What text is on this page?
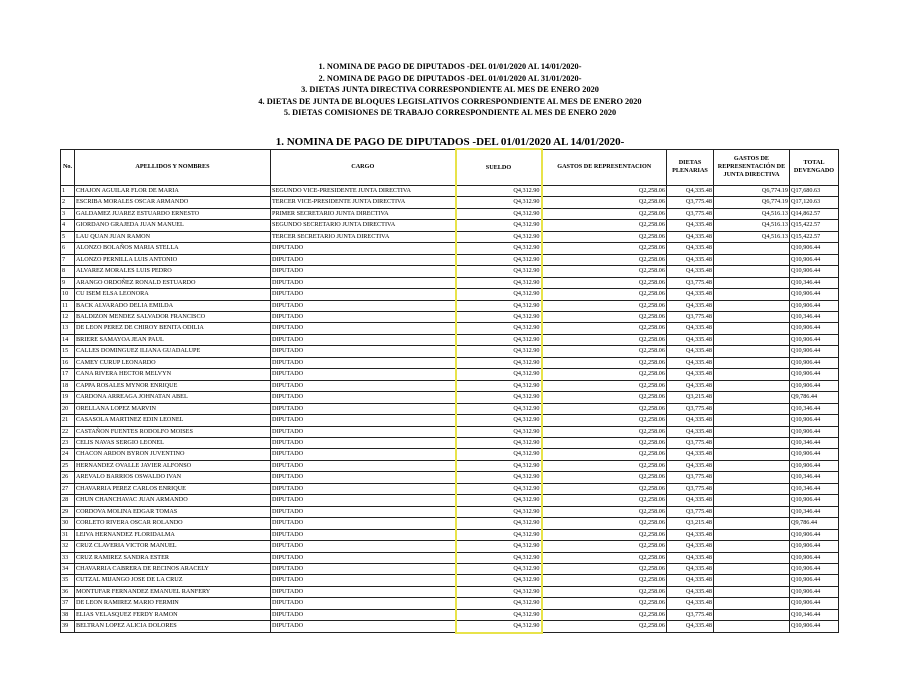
1. NOMINA DE PAGO DE DIPUTADOS -DEL 01/01/2020 AL 14/01/2020-
2. NOMINA DE PAGO DE DIPUTADOS -DEL 01/01/2020 AL 31/01/2020-
3. DIETAS JUNTA DIRECTIVA CORRESPONDIENTE AL MES DE ENERO 2020
4. DIETAS DE JUNTA DE BLOQUES LEGISLATIVOS CORRESPONDIENTE AL MES DE ENERO 2020
5. DIETAS COMISIONES DE TRABAJO CORRESPONDIENTE AL MES DE ENERO 2020
1. NOMINA DE PAGO DE DIPUTADOS -DEL 01/01/2020 AL 14/01/2020-
No.	APELLIDOS Y NOMBRES	CARGO	SUELDO	GASTOS DE REPRESENTACION	DIETAS PLENARIAS	GASTOS DE REPRESENTACIÓN DE JUNTA DIRECTIVA	TOTAL DEVENGADO
1	CHAJON AGUILAR FLOR DE MARIA	SEGUNDO VICE-PRESIDENTE JUNTA DIRECTIVA	Q4,312.90	Q2,258.06	Q4,335.48	Q6,774.19	Q17,680.63
2	ESCRIBA MORALES OSCAR ARMANDO	TERCER VICE-PRESIDENTE JUNTA DIRECTIVA	Q4,312.90	Q2,258.06	Q3,775.48	Q6,774.19	Q17,120.63
3	GALDAMEZ JUAREZ ESTUARDO ERNESTO	PRIMER SECRETARIO JUNTA DIRECTIVA	Q4,312.90	Q2,258.06	Q3,775.48	Q4,516.13	Q14,862.57
4	GIORDANO GRAJEDA JUAN MANUEL	SEGUNDO SECRETARIO JUNTA DIRECTIVA	Q4,312.90	Q2,258.06	Q4,335.48	Q4,516.13	Q15,422.57
5	LAU QUAN JUAN RAMON	TERCER SECRETARIO JUNTA DIRECTIVA	Q4,312.90	Q2,258.06	Q4,335.48	Q4,516.13	Q15,422.57
6	ALONZO BOLAÑOS MARIA STELLA	DIPUTADO	Q4,312.90	Q2,258.06	Q4,335.48		Q10,906.44
7	ALONZO PERNILLA LUIS ANTONIO	DIPUTADO	Q4,312.90	Q2,258.06	Q4,335.48		Q10,906.44
8	ALVAREZ MORALES LUIS PEDRO	DIPUTADO	Q4,312.90	Q2,258.06	Q4,335.48		Q10,906.44
9	ARANGO ORDOÑEZ RONALD ESTUARDO	DIPUTADO	Q4,312.90	Q2,258.06	Q3,775.48		Q10,346.44
10	CU ISEM ELSA LEONORA	DIPUTADO	Q4,312.90	Q2,258.06	Q4,335.48		Q10,906.44
11	BACK ALVARADO DELIA EMILDA	DIPUTADO	Q4,312.90	Q2,258.06	Q4,335.48		Q10,906.44
12	BALDIZON MENDEZ SALVADOR FRANCISCO	DIPUTADO	Q4,312.90	Q2,258.06	Q3,775.48		Q10,346.44
13	DE LEON PEREZ DE CHIROY BENITA ODILIA	DIPUTADO	Q4,312.90	Q2,258.06	Q4,335.48		Q10,906.44
14	BRIERE SAMAYOA JEAN PAUL	DIPUTADO	Q4,312.90	Q2,258.06	Q4,335.48		Q10,906.44
15	CALLES DOMINGUEZ ILIANA GUADALUPE	DIPUTADO	Q4,312.90	Q2,258.06	Q4,335.48		Q10,906.44
16	CAMEY CURUP LEONARDO	DIPUTADO	Q4,312.90	Q2,258.06	Q4,335.48		Q10,906.44
17	CANA RIVERA HECTOR MELVYN	DIPUTADO	Q4,312.90	Q2,258.06	Q4,335.48		Q10,906.44
18	CAPPA ROSALES MYNOR ENRIQUE	DIPUTADO	Q4,312.90	Q2,258.06	Q4,335.48		Q10,906.44
19	CARDONA ARREAGA JOHNATAN ABEL	DIPUTADO	Q4,312.90	Q2,258.06	Q3,215.48		Q9,786.44
20	ORELLANA LOPEZ MARVIN	DIPUTADO	Q4,312.90	Q2,258.06	Q3,775.48		Q10,346.44
21	CASASOLA MARTINEZ EDIN LEONEL	DIPUTADO	Q4,312.90	Q2,258.06	Q4,335.48		Q10,906.44
22	CASTAÑON FUENTES RODOLFO MOISES	DIPUTADO	Q4,312.90	Q2,258.06	Q4,335.48		Q10,906.44
23	CELIS NAVAS SERGIO LEONEL	DIPUTADO	Q4,312.90	Q2,258.06	Q3,775.48		Q10,346.44
24	CHACON ARDON BYRON JUVENTINO	DIPUTADO	Q4,312.90	Q2,258.06	Q4,335.48		Q10,906.44
25	HERNANDEZ OVALLE JAVIER ALFONSO	DIPUTADO	Q4,312.90	Q2,258.06	Q4,335.48		Q10,906.44
26	AREVALO BARRIOS OSWALDO IVAN	DIPUTADO	Q4,312.90	Q2,258.06	Q3,775.48		Q10,346.44
27	CHAVARRIA PEREZ CARLOS ENRIQUE	DIPUTADO	Q4,312.90	Q2,258.06	Q3,775.48		Q10,346.44
28	CHUN CHANCHAVAC JUAN ARMANDO	DIPUTADO	Q4,312.90	Q2,258.06	Q4,335.48		Q10,906.44
29	CORDOVA MOLINA EDGAR TOMAS	DIPUTADO	Q4,312.90	Q2,258.06	Q3,775.48		Q10,346.44
30	CORLETO RIVERA OSCAR ROLANDO	DIPUTADO	Q4,312.90	Q2,258.06	Q3,215.48		Q9,786.44
31	LEIVA HERNANDEZ FLORIDALMA	DIPUTADO	Q4,312.90	Q2,258.06	Q4,335.48		Q10,906.44
32	CRUZ CLAVERIA VICTOR MANUEL	DIPUTADO	Q4,312.90	Q2,258.06	Q4,335.48		Q10,906.44
33	CRUZ RAMIREZ SANDRA ESTER	DIPUTADO	Q4,312.90	Q2,258.06	Q4,335.48		Q10,906.44
34	CHAVARRIA CABRERA DE RECINOS ARACELY	DIPUTADO	Q4,312.90	Q2,258.06	Q4,335.48		Q10,906.44
35	CUTZAL MIJANGO JOSE DE LA CRUZ	DIPUTADO	Q4,312.90	Q2,258.06	Q4,335.48		Q10,906.44
36	MONTUFAR FERNANDEZ EMANUEL RANFERY	DIPUTADO	Q4,312.90	Q2,258.06	Q4,335.48		Q10,906.44
37	DE LEON RAMIREZ MARIO FERMIN	DIPUTADO	Q4,312.90	Q2,258.06	Q4,335.48		Q10,906.44
38	ELIAS VELASQUEZ FERDY RAMON	DIPUTADO	Q4,312.90	Q2,258.06	Q3,775.48		Q10,346.44
39	BELTRAN LOPEZ ALICIA DOLORES	DIPUTADO	Q4,312.90	Q2,258.06	Q4,335.48		Q10,906.44
